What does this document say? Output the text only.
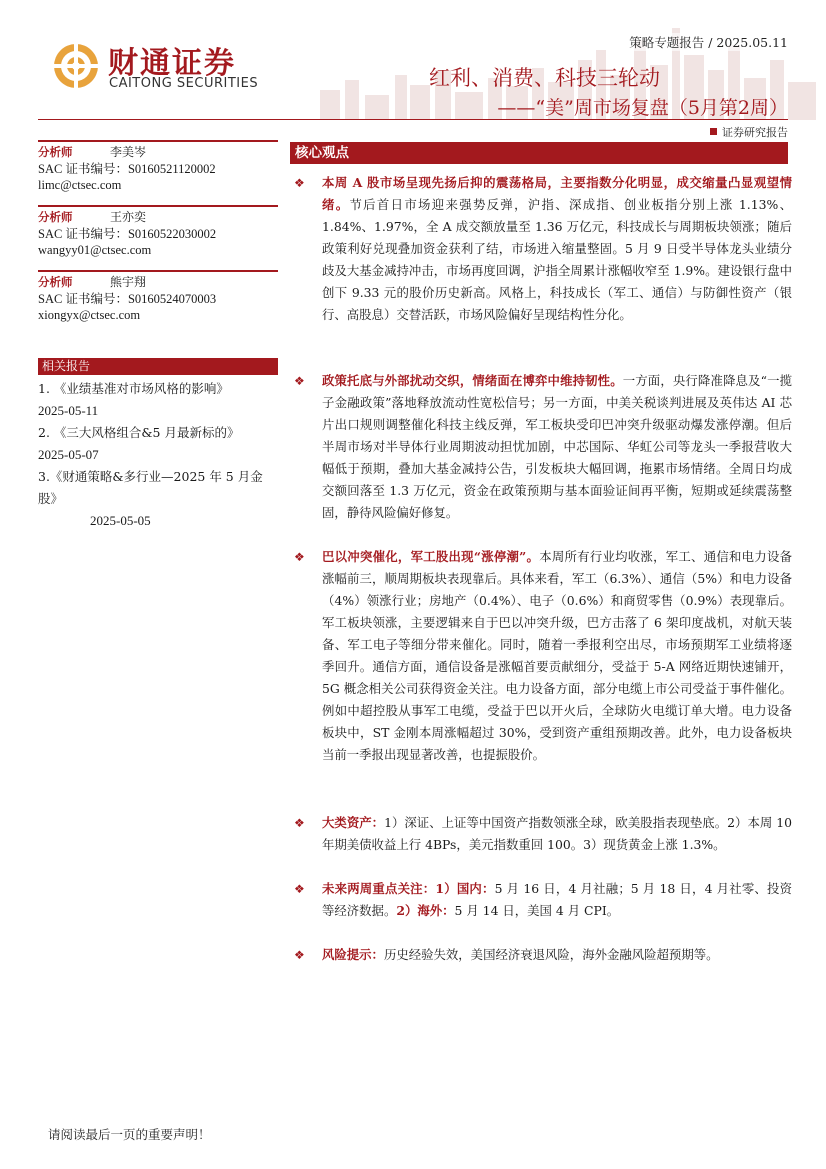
财通证券
CAITONG SECURITIES
策略专题报告 / 2025.05.11
红利、消费、科技三轮动
——“美”周市场复盘（5月第2周）
证券研究报告
分析师	李美岑
SAC 证书编号：S0160521120002
limc@ctsec.com
分析师	王亦奕
SAC 证书编号：S0160522030002
wangyy01@ctsec.com
分析师	熊宇翔
SAC 证书编号：S0160524070003
xiongyx@ctsec.com
相关报告
1. 《业绩基准对市场风格的影响》
2025-05-11
2. 《三大风格组合&5 月最新标的》
2025-05-07
3.《财通策略&多行业—2025 年 5 月金股》
2025-05-05
核心观点
❖ 本周 A 股市场呈现先扬后抑的震荡格局，主要指数分化明显，成交缩量凸显观望情绪。节后首日市场迎来强势反弹，沪指、深成指、创业板指分别上涨 1.13%、1.84%、1.97%，全 A 成交额放量至 1.36 万亿元，科技成长与周期板块领涨；随后政策利好兑现叠加资金获利了结，市场进入缩量整固。5 月 9 日受半导体龙头业绩分歧及大基金减持冲击，市场再度回调，沪指全周累计涨幅收窄至 1.9%。建设银行盘中创下 9.33 元的股价历史新高。风格上，科技成长（军工、通信）与防御性资产（银行、高股息）交替活跃，市场风险偏好呈现结构性分化。
❖ 政策托底与外部扰动交织，情绪面在博弈中维持韧性。一方面，央行降准降息及“一揽子金融政策”落地释放流动性宽松信号；另一方面，中美关税谈判进展及英伟达 AI 芯片出口规则调整催化科技主线反弹，军工板块受印巴冲突升级驱动爆发涨停潮。但后半周市场对半导体行业周期波动担忧加剧，中芯国际、华虹公司等龙头一季报营收大幅低于预期，叠加大基金减持公告，引发板块大幅回调，拖累市场情绪。全周日均成交额回落至 1.3 万亿元，资金在政策预期与基本面验证间再平衡，短期或延续震荡整固，静待风险偏好修复。
❖ 巴以冲突催化，军工股出现“涨停潮”。本周所有行业均收涨，军工、通信和电力设备涨幅前三，顺周期板块表现靠后。具体来看，军工（6.3%）、通信（5%）和电力设备（4%）领涨行业；房地产（0.4%）、电子（0.6%）和商贸零售（0.9%）表现靠后。军工板块领涨，主要逻辑来自于巴以冲突升级，巴方击落了 6 架印度战机，对航天装备、军工电子等细分带来催化。同时，随着一季报利空出尽，市场预期军工业绩将逐季回升。通信方面，通信设备是涨幅首要贡献细分，受益于 5-A 网络近期快速铺开，5G 概念相关公司获得资金关注。电力设备方面，部分电缆上市公司受益于事件催化。例如中超控股从事军工电缆，受益于巴以开火后，全球防火电缆订单大增。电力设备板块中，ST 金刚本周涨幅超过 30%，受到资产重组预期改善。此外，电力设备板块当前一季报出现显著改善，也提振股价。
❖ 大类资产：1）深证、上证等中国资产指数领涨全球，欧美股指表现垫底。2）本周 10 年期美债收益上行 4BPs，美元指数重回 100。3）现货黄金上涨 1.3%。
❖ 未来两周重点关注：1）国内：5 月 16 日，4 月社融；5 月 18 日，4 月社零、投资等经济数据。2）海外：5 月 14 日，美国 4 月 CPI。
❖ 风险提示：历史经验失效，美国经济衰退风险，海外金融风险超预期等。
请阅读最后一页的重要声明！
